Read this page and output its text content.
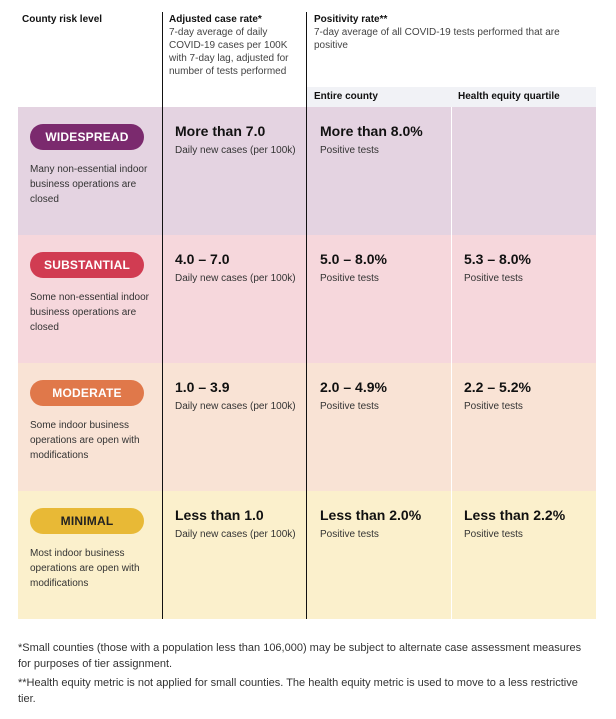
County risk level	Adjusted case rate*
7-day average of daily COVID-19 cases per 100K with 7-day lag, adjusted for number of tests performed
Positivity rate**
7-day average of all COVID-19 tests performed that are positive
Entire county	Health equity quartile
WIDESPREAD
Many non-essential indoor business operations are closed
More than 7.0
Daily new cases (per 100k)
More than 8.0%
Positive tests
SUBSTANTIAL
Some non-essential indoor business operations are closed
4.0 – 7.0
Daily new cases (per 100k)
5.0 – 8.0%
Positive tests
5.3 – 8.0%
Positive tests
MODERATE
Some indoor business operations are open with modifications
1.0 – 3.9
Daily new cases (per 100k)
2.0 – 4.9%
Positive tests
2.2 – 5.2%
Positive tests
MINIMAL
Most indoor business operations are open with modifications
Less than 1.0
Daily new cases (per 100k)
Less than 2.0%
Positive tests
Less than 2.2%
Positive tests
*Small counties (those with a population less than 106,000) may be subject to alternate case assessment measures for purposes of tier assignment.
**Health equity metric is not applied for small counties. The health equity metric is used to move to a less restrictive tier.
